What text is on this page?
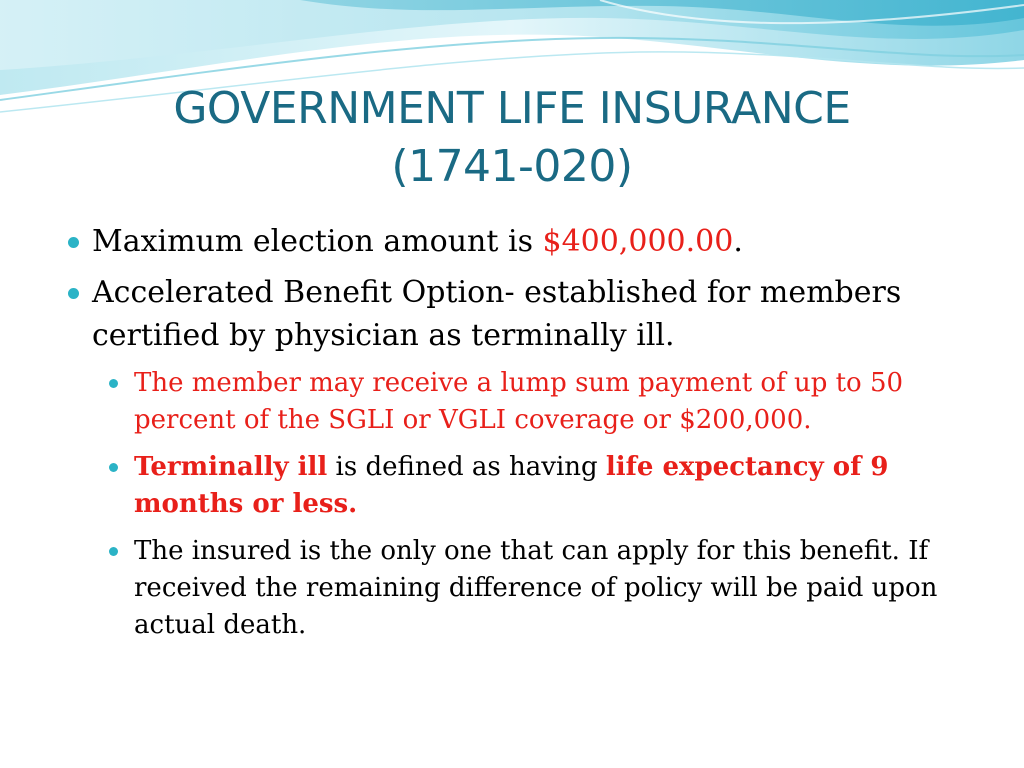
GOVERNMENT LIFE INSURANCE
(1741-020)
Maximum election amount is $400,000.00.
Accelerated Benefit Option- established for members certified by physician as terminally ill.
The member may receive a lump sum payment of up to 50 percent of the SGLI or VGLI coverage or $200,000.
Terminally ill is defined as having life expectancy of 9 months or less.
The insured is the only one that can apply for this benefit. If received the remaining difference of policy will be paid upon actual death.
